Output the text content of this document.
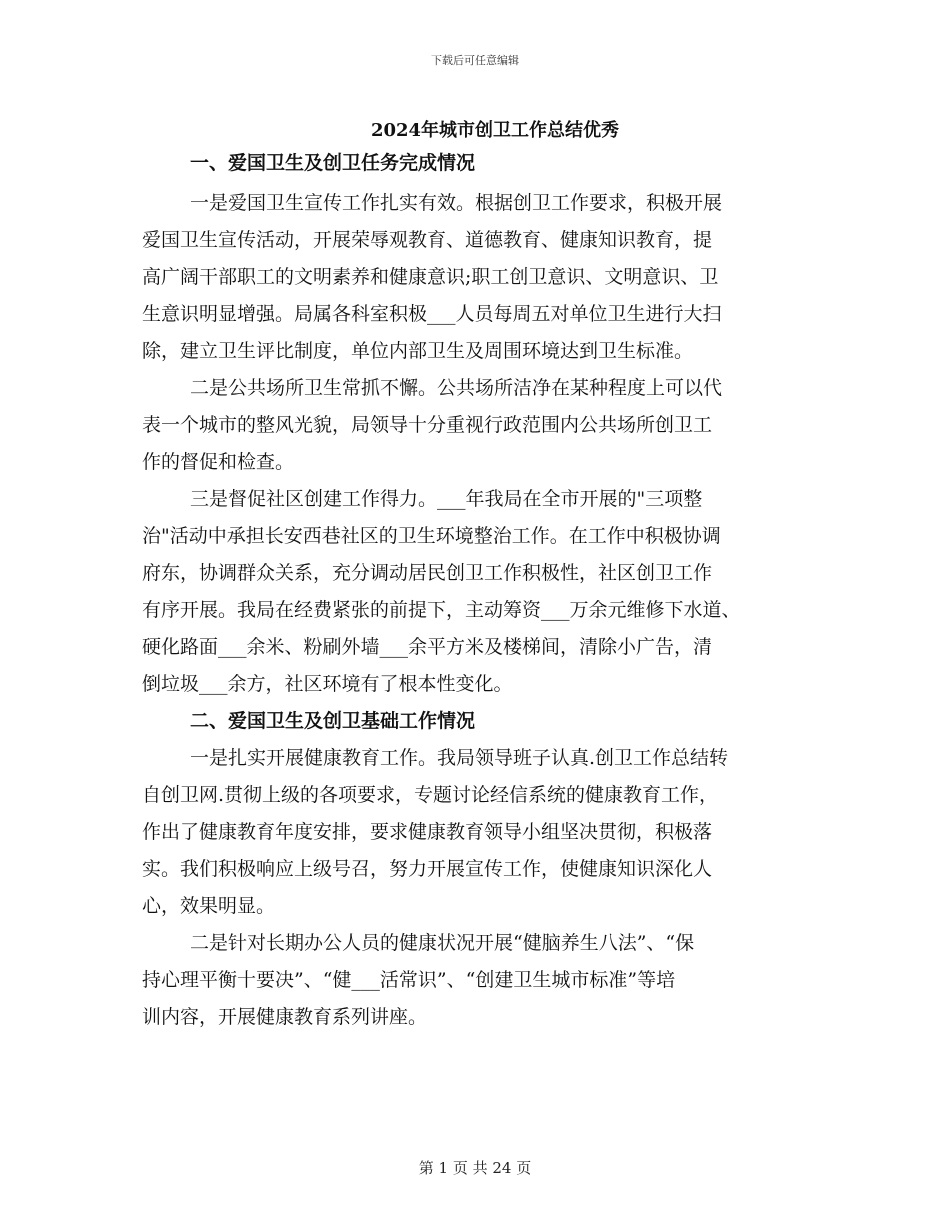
下载后可任意编辑
2024年城市创卫工作总结优秀
一、爱国卫生及创卫任务完成情况
一是爱国卫生宣传工作扎实有效。根据创卫工作要求，积极开展
爱国卫生宣传活动，开展荣辱观教育、道德教育、健康知识教育，提
高广阔干部职工的文明素养和健康意识;职工创卫意识、文明意识、卫
生意识明显增强。局属各科室积极___人员每周五对单位卫生进行大扫
除，建立卫生评比制度，单位内部卫生及周围环境达到卫生标准。
二是公共场所卫生常抓不懈。公共场所洁净在某种程度上可以代
表一个城市的整风光貌，局领导十分重视行政范围内公共场所创卫工
作的督促和检查。
三是督促社区创建工作得力。___年我局在全市开展的"三项整
治"活动中承担长安西巷社区的卫生环境整治工作。在工作中积极协调
府东，协调群众关系，充分调动居民创卫工作积极性，社区创卫工作
有序开展。我局在经费紧张的前提下，主动筹资___万余元维修下水道、
硬化路面___余米、粉刷外墙___余平方米及楼梯间，清除小广告，清
倒垃圾___余方，社区环境有了根本性变化。
二、爱国卫生及创卫基础工作情况
一是扎实开展健康教育工作。我局领导班子认真.创卫工作总结转
自创卫网.贯彻上级的各项要求，专题讨论经信系统的健康教育工作，
作出了健康教育年度安排，要求健康教育领导小组坚决贯彻，积极落
实。我们积极响应上级号召，努力开展宣传工作，使健康知识深化人
心，效果明显。
二是针对长期办公人员的健康状况开展“健脑养生八法”、“保
持心理平衡十要决”、“健___活常识”、“创建卫生城市标准”等培
训内容，开展健康教育系列讲座。
第 1 页 共 24 页
